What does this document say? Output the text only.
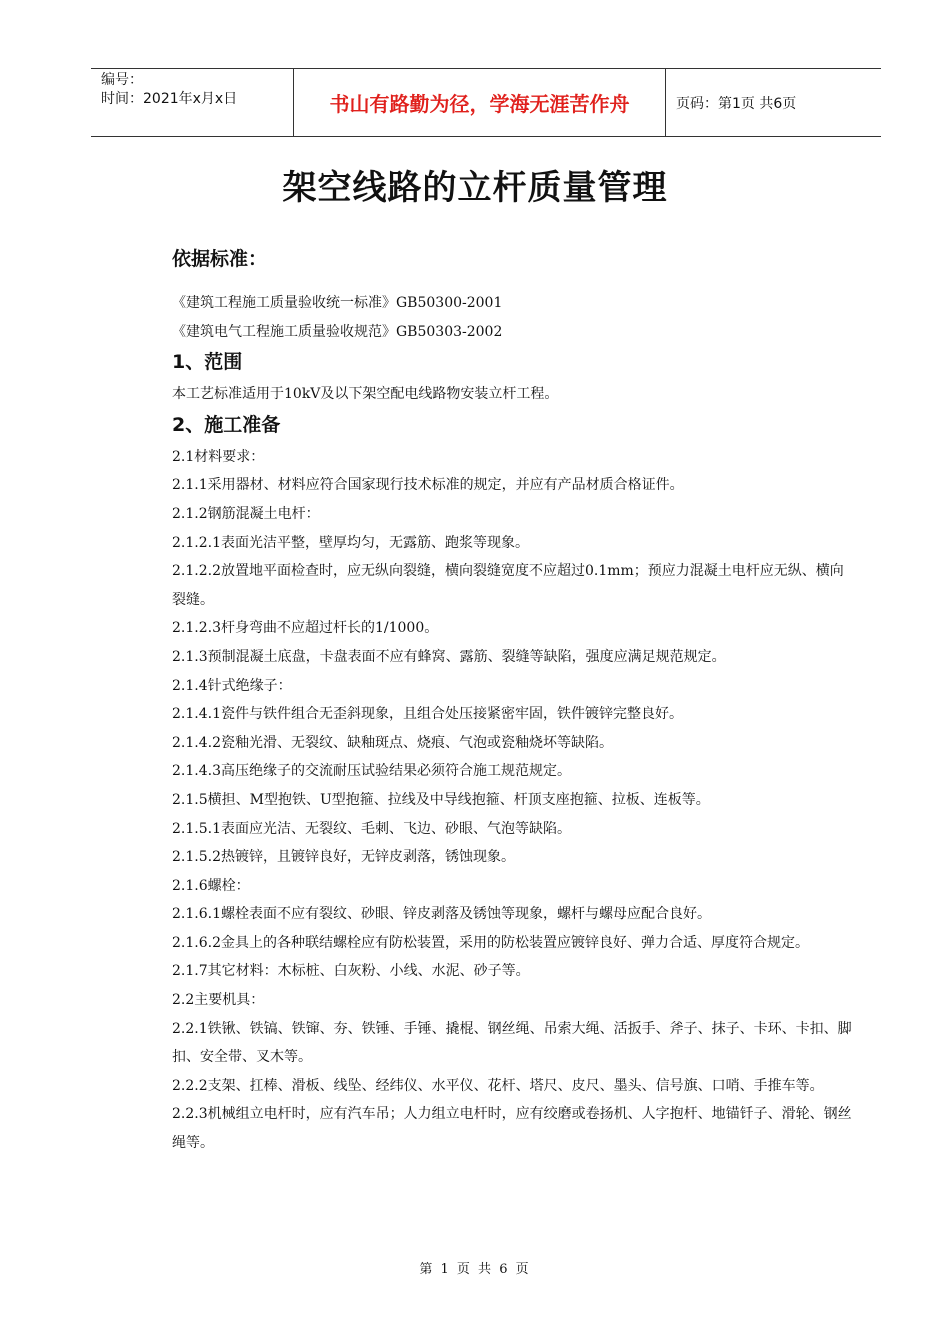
编号：
时间：2021年x月x日	书山有路勤为径，学海无涯苦作舟	页码：第1页 共6页
架空线路的立杆质量管理
依据标准：
《建筑工程施工质量验收统一标准》GB50300-2001
《建筑电气工程施工质量验收规范》GB50303-2002
1、范围
本工艺标准适用于10kV及以下架空配电线路物安装立杆工程。
2、施工准备
2.1材料要求：
2.1.1采用器材、材料应符合国家现行技术标准的规定，并应有产品材质合格证件。
2.1.2钢筋混凝土电杆：
2.1.2.1表面光洁平整，壁厚均匀，无露筋、跑浆等现象。
2.1.2.2放置地平面检查时，应无纵向裂缝，横向裂缝宽度不应超过0.1mm；预应力混凝土电杆应无纵、横向裂缝。
2.1.2.3杆身弯曲不应超过杆长的1/1000。
2.1.3预制混凝土底盘，卡盘表面不应有蜂窝、露筋、裂缝等缺陷，强度应满足规范规定。
2.1.4针式绝缘子：
2.1.4.1瓷件与铁件组合无歪斜现象，且组合处压接紧密牢固，铁件镀锌完整良好。
2.1.4.2瓷釉光滑、无裂纹、缺釉斑点、烧痕、气泡或瓷釉烧坏等缺陷。
2.1.4.3高压绝缘子的交流耐压试验结果必须符合施工规范规定。
2.1.5横担、M型抱铁、U型抱箍、拉线及中导线抱箍、杆顶支座抱箍、拉板、连板等。
2.1.5.1表面应光洁、无裂纹、毛刺、飞边、砂眼、气泡等缺陷。
2.1.5.2热镀锌，且镀锌良好，无锌皮剥落，锈蚀现象。
2.1.6螺栓：
2.1.6.1螺栓表面不应有裂纹、砂眼、锌皮剥落及锈蚀等现象，螺杆与螺母应配合良好。
2.1.6.2金具上的各种联结螺栓应有防松装置，采用的防松装置应镀锌良好、弹力合适、厚度符合规定。
2.1.7其它材料：木标桩、白灰粉、小线、水泥、砂子等。
2.2主要机具：
2.2.1铁锹、铁镐、铁镩、夯、铁锤、手锤、撬棍、钢丝绳、吊索大绳、活扳手、斧子、抹子、卡环、卡扣、脚扣、安全带、叉木等。
2.2.2支架、扛棒、滑板、线坠、经纬仪、水平仪、花杆、塔尺、皮尺、墨头、信号旗、口哨、手推车等。
2.2.3机械组立电杆时，应有汽车吊；人力组立电杆时，应有绞磨或卷扬机、人字抱杆、地锚钎子、滑轮、钢丝绳等。
第 1 页 共 6 页
